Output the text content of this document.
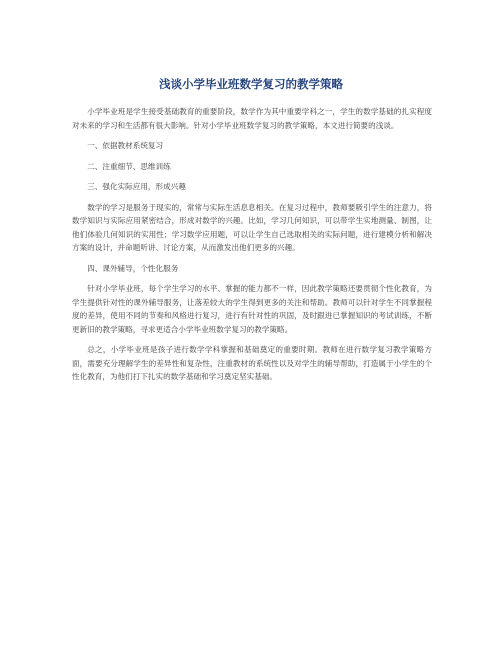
浅谈小学毕业班数学复习的教学策略

小学毕业班是学生接受基础教育的重要阶段，数学作为其中重要学科之一，学生的数学基础的扎实程度对未来的学习和生活都有很大影响。针对小学毕业班数学复习的教学策略，本文进行简要的浅谈。

一、依据教材系统复习

二、注重细节、思维训练

三、强化实际应用，形成兴趣

数学的学习是服务于现实的，常常与实际生活息息相关。在复习过程中，教师要吸引学生的注意力，将数学知识与实际应用紧密结合，形成对数学的兴趣。比如，学习几何知识，可以带学生实地测量、制图，让他们体验几何知识的实用性；学习数学应用题，可以让学生自己选取相关的实际问题，进行建模分析和解决方案的设计，并命题听讲、讨论方案，从而激发出他们更多的兴趣。

四、课外辅导，个性化服务

针对小学毕业班，每个学生学习的水平、掌握的能力都不一样，因此教学策略还要贯彻个性化教育，为学生提供针对性的课外辅导服务，让落差较大的学生得到更多的关注和帮助。教师可以针对学生不同掌握程度的差异，使用不同的节奏和风格进行复习，进行有针对性的巩固，及时跟进已掌握知识的考试训练，不断更新旧的教学策略，寻求更适合小学毕业班数学复习的教学策略。

总之，小学毕业班是孩子进行数学学科掌握和基础奠定的重要时期。教师在进行数学复习教学策略方面，需要充分理解学生的差异性和复杂性，注重教材的系统性以及对学生的辅导帮助，打造属于小学生的个性化教育，为他们打下扎实的数学基础和学习奠定坚实基础。
